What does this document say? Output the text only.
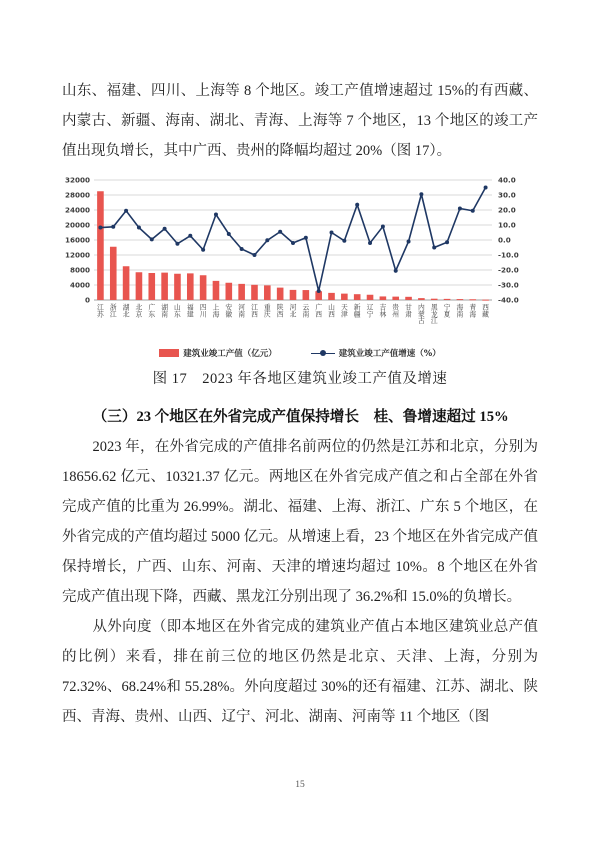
山东、福建、四川、上海等 8 个地区。竣工产值增速超过 15%的有西藏、内蒙古、新疆、海南、湖北、青海、上海等 7 个地区，13 个地区的竣工产值出现负增长，其中广西、贵州的降幅均超过 20%（图 17）。

0
4000
8000
12000
16000
20000
24000
28000
32000
-40.0
-30.0
-20.0
-10.0
0.0
10.0
20.0
30.0
40.0
江苏
浙江
湖北
北京
广东
湖南
山东
福建
四川
上海
安徽
河南
江西
重庆
陕西
河北
云南
广西
山西
天津
新疆
辽宁
吉林
贵州
甘肃
内蒙古
黑龙江
宁夏
海南
青海
西藏
建筑业竣工产值（亿元）	建筑业竣工产值增速（%）
图 17　2023 年各地区建筑业竣工产值及增速
（三）23 个地区在外省完成产值保持增长　桂、鲁增速超过 15%

2023 年，在外省完成的产值排名前两位的仍然是江苏和北京，分别为 18656.62 亿元、10321.37 亿元。两地区在外省完成产值之和占全部在外省完成产值的比重为 26.99%。湖北、福建、上海、浙江、广东 5 个地区，在外省完成的产值均超过 5000 亿元。从增速上看，23 个地区在外省完成产值保持增长，广西、山东、河南、天津的增速均超过 10%。8 个地区在外省完成产值出现下降，西藏、黑龙江分别出现了 36.2%和 15.0%的负增长。

从外向度（即本地区在外省完成的建筑业产值占本地区建筑业总产值的比例）来看，排在前三位的地区仍然是北京、天津、上海，分别为 72.32%、68.24%和 55.28%。外向度超过 30%的还有福建、江苏、湖北、陕西、青海、贵州、山西、辽宁、河北、湖南、河南等 11 个地区（图

15
